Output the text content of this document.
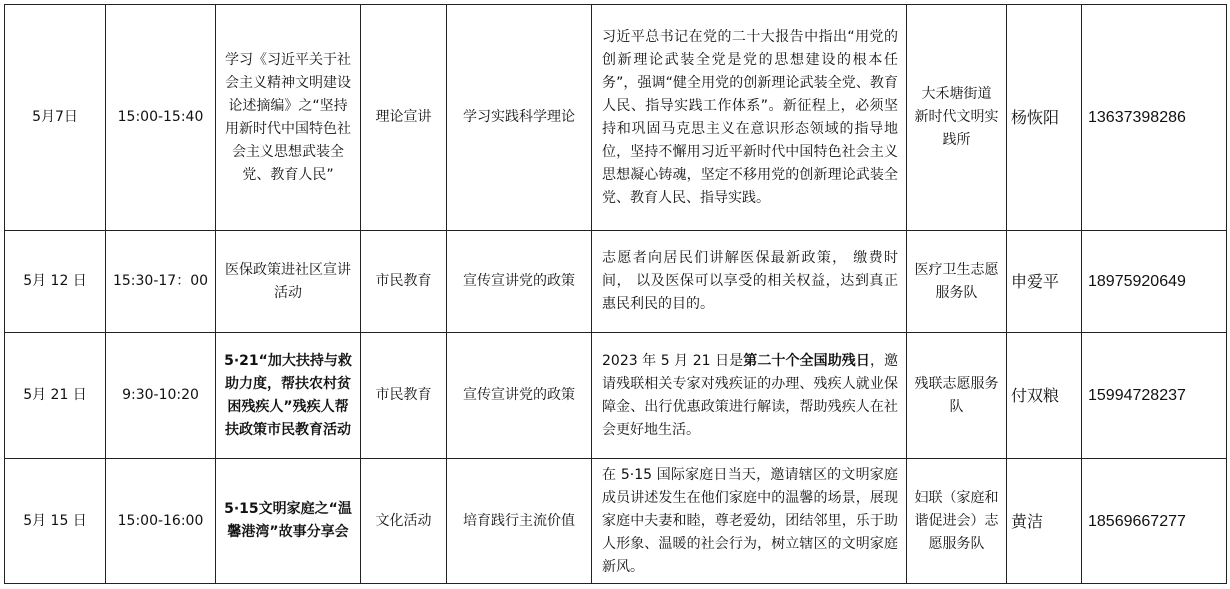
5月7日	15:00-15:40	学习《习近平关于社会主义精神文明建设论述摘编》之“坚持用新时代中国特色社会主义思想武装全党、教育人民”	理论宣讲	学习实践科学理论	习近平总书记在党的二十大报告中指出“用党的创新理论武装全党是党的思想建设的根本任务”，强调“健全用党的创新理论武装全党、教育人民、指导实践工作体系”。新征程上，必须坚持和巩固马克思主义在意识形态领域的指导地位，坚持不懈用习近平新时代中国特色社会主义思想凝心铸魂，坚定不移用党的创新理论武装全党、教育人民、指导实践。	大禾塘街道 新时代文明实践所	杨恢阳	13637398286
5月 12 日	15:30-17：00	医保政策进社区宣讲活动	市民教育	宣传宣讲党的政策	志愿者向居民们讲解医保最新政策， 缴费时间， 以及医保可以享受的相关权益，达到真正惠民利民的目的。	医疗卫生志愿服务队	申爱平	18975920649
5月 21 日	9:30-10:20	5·21“加大扶持与救助力度，帮扶农村贫困残疾人”残疾人帮扶政策市民教育活动	市民教育	宣传宣讲党的政策	2023 年 5 月 21 日是第二十个全国助残日，邀请残联相关专家对残疾证的办理、残疾人就业保障金、出行优惠政策进行解读，帮助残疾人在社会更好地生活。	残联志愿服务队	付双粮	15994728237
5月 15 日	15:00-16:00	5·15文明家庭之“温馨港湾”故事分享会	文化活动	培育践行主流价值	在 5·15 国际家庭日当天，邀请辖区的文明家庭成员讲述发生在他们家庭中的温馨的场景，展现家庭中夫妻和睦，尊老爱幼，团结邻里，乐于助人形象、温暖的社会行为，树立辖区的文明家庭新风。	妇联（家庭和谐促进会）志愿服务队	黄洁	18569667277
